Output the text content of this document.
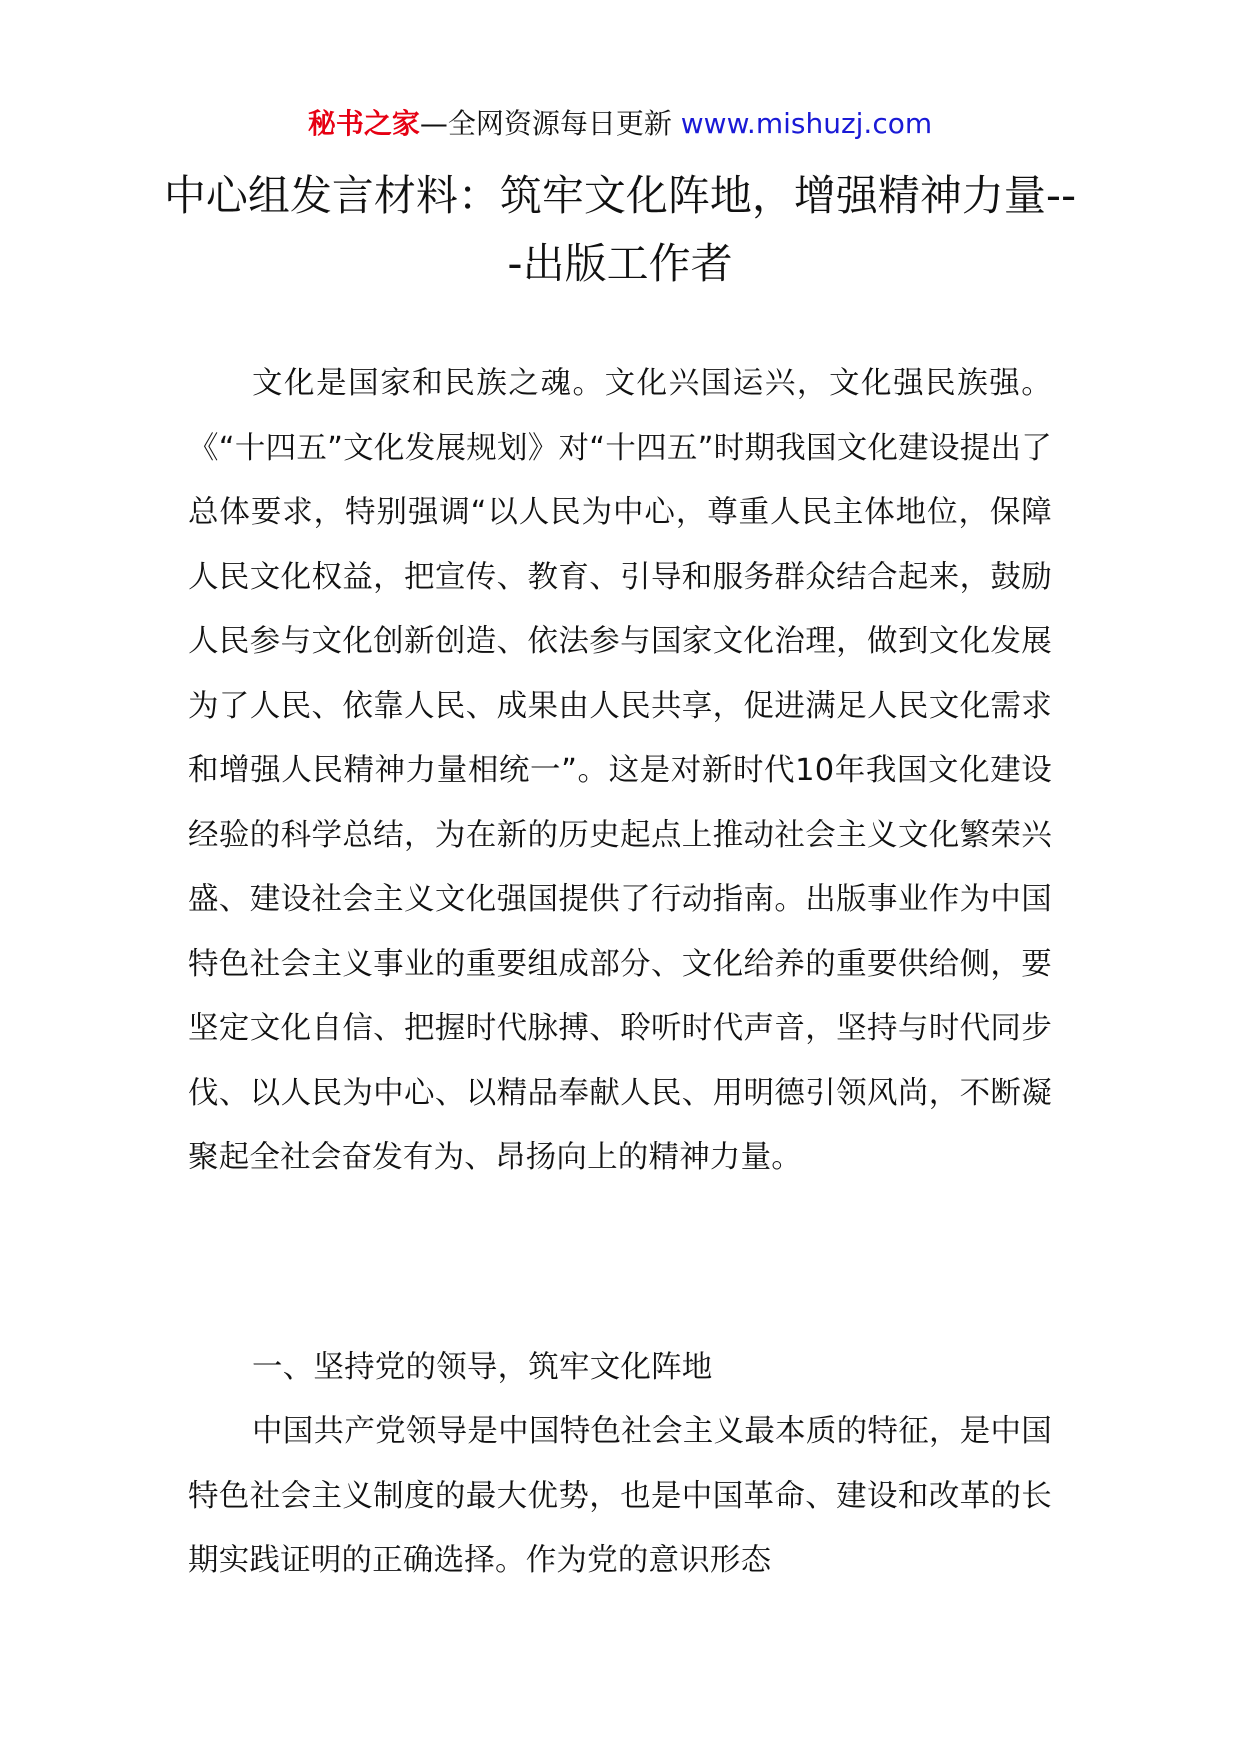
秘书之家—全网资源每日更新 www.mishuzj.com
中心组发言材料：筑牢文化阵地，增强精神力量---出版工作者

文化是国家和民族之魂。文化兴国运兴，文化强民族强。《“十四五”文化发展规划》对“十四五”时期我国文化建设提出了总体要求，特别强调“以人民为中心，尊重人民主体地位，保障人民文化权益，把宣传、教育、引导和服务群众结合起来，鼓励人民参与文化创新创造、依法参与国家文化治理，做到文化发展为了人民、依靠人民、成果由人民共享，促进满足人民文化需求和增强人民精神力量相统一”。这是对新时代10年我国文化建设经验的科学总结，为在新的历史起点上推动社会主义文化繁荣兴盛、建设社会主义文化强国提供了行动指南。出版事业作为中国特色社会主义事业的重要组成部分、文化给养的重要供给侧，要坚定文化自信、把握时代脉搏、聆听时代声音，坚持与时代同步伐、以人民为中心、以精品奉献人民、用明德引领风尚，不断凝聚起全社会奋发有为、昂扬向上的精神力量。

一、坚持党的领导，筑牢文化阵地

中国共产党领导是中国特色社会主义最本质的特征，是中国特色社会主义制度的最大优势，也是中国革命、建设和改革的长期实践证明的正确选择。作为党的意识形态
